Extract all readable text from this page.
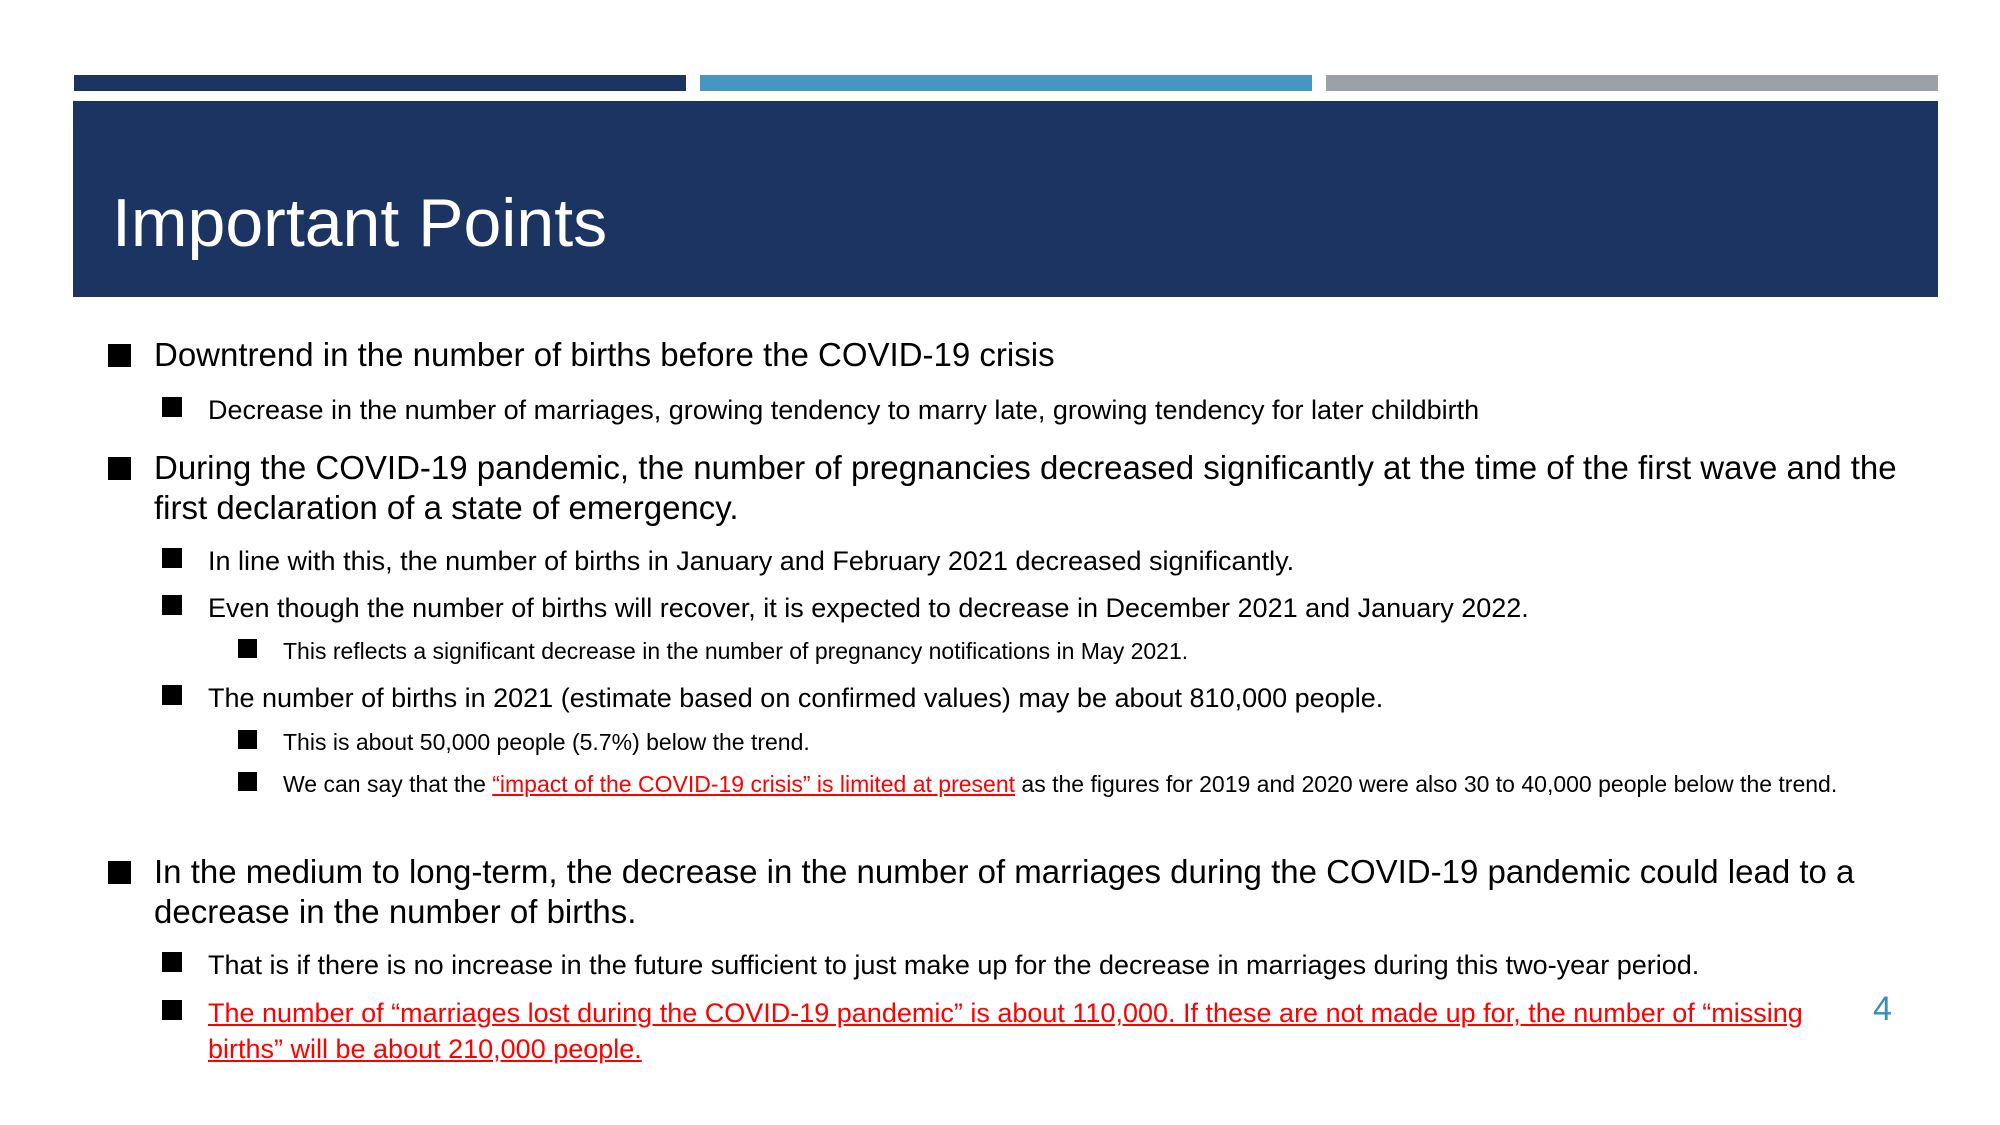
Important Points
Downtrend in the number of births before the COVID-19 crisis
Decrease in the number of marriages, growing tendency to marry late, growing tendency for later childbirth
During the COVID-19 pandemic, the number of pregnancies decreased significantly at the time of the first wave and the first declaration of a state of emergency.
In line with this, the number of births in January and February 2021 decreased significantly.
Even though the number of births will recover, it is expected to decrease in December 2021 and January 2022.
This reflects a significant decrease in the number of pregnancy notifications in May 2021.
The number of births in 2021 (estimate based on confirmed values) may be about 810,000 people.
This is about 50,000 people (5.7%) below the trend.
We can say that the “impact of the COVID-19 crisis” is limited at present as the figures for 2019 and 2020 were also 30 to 40,000 people below the trend.
In the medium to long-term, the decrease in the number of marriages during the COVID-19 pandemic could lead to a decrease in the number of births.
That is if there is no increase in the future sufficient to just make up for the decrease in marriages during this two-year period.
The number of “marriages lost during the COVID-19 pandemic” is about 110,000. If these are not made up for, the number of “missing births” will be about 210,000 people.
4
